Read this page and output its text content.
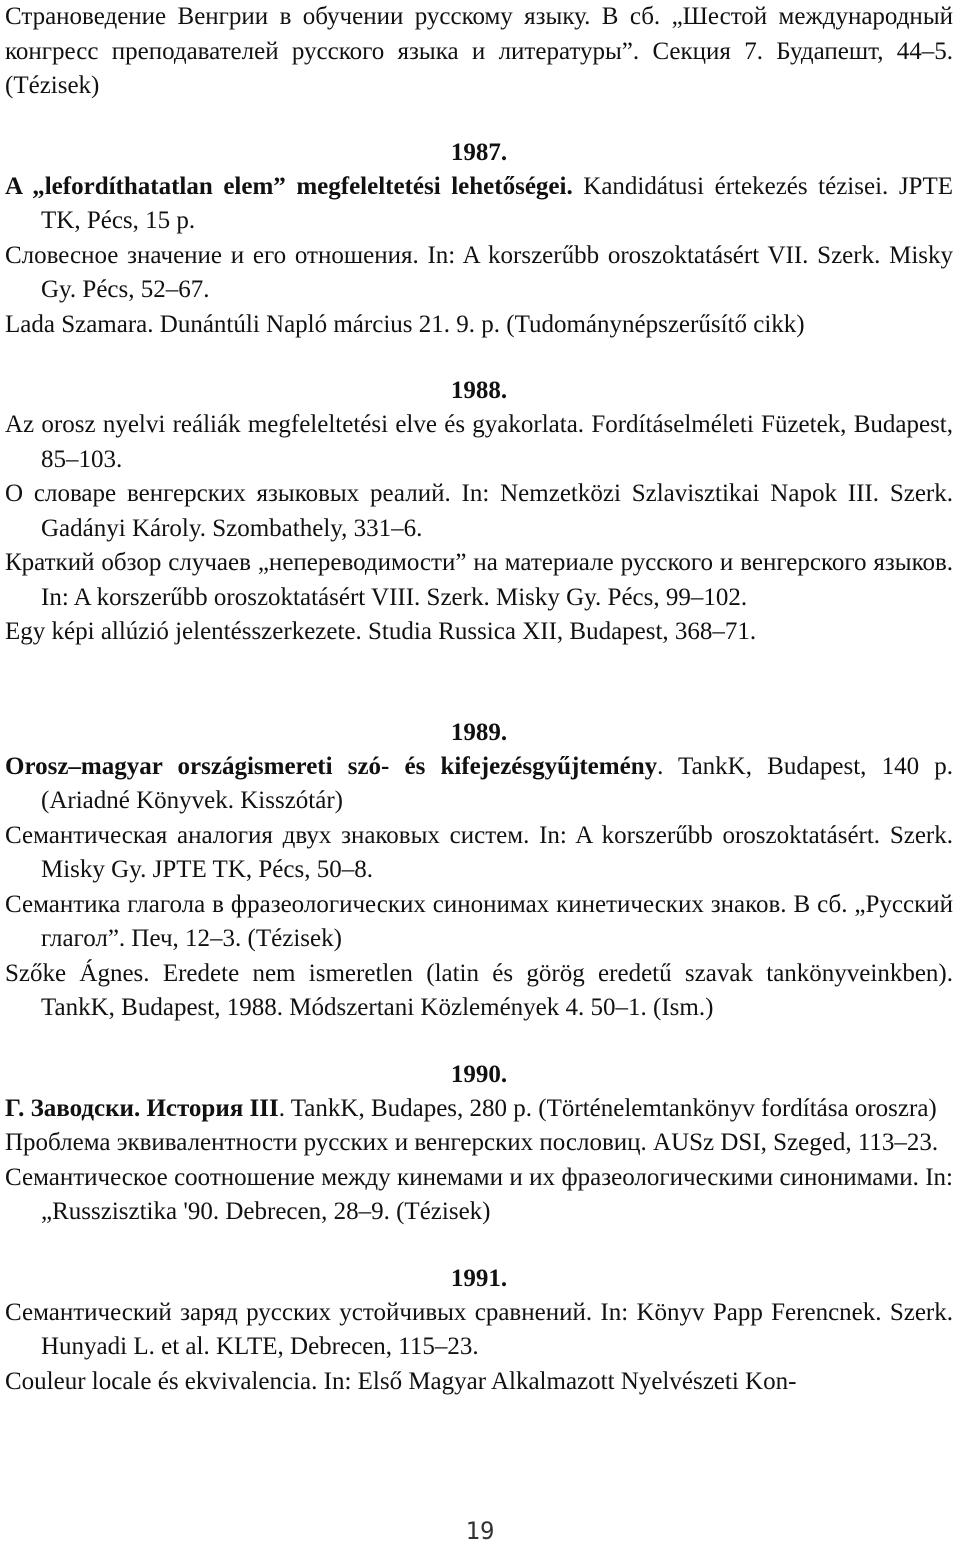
Страноведение Венгрии в обучении русскому языку. В сб. „Шестой международный конгресс преподавателей русского языка и литературы”. Секция 7. Будапешт, 44–5. (Tézisek)

1987.

A „lefordíthatatlan elem” megfeleltetési lehetőségei. Kandidátusi értekezés tézisei. JPTE TK, Pécs, 15 p.

Словесное значение и его отношения. In: A korszerűbb oroszoktatásért VII. Szerk. Misky Gy. Pécs, 52–67.

Lada Szamara. Dunántúli Napló március 21. 9. p. (Tudománynépszerűsítő cikk)

1988.

Az orosz nyelvi reáliák megfeleltetési elve és gyakorlata. Fordításelméleti Füzetek, Budapest, 85–103.

О словаре венгерских языковых реалий. In: Nemzetközi Szlavisztikai Napok III. Szerk. Gadányi Károly. Szombathely, 331–6.

Краткий обзор случаев „непереводимости” на материале русского и венгерского языков. In: A korszerűbb oroszoktatásért VIII. Szerk. Misky Gy. Pécs, 99–102.

Egy képi allúzió jelentésszerkezete. Studia Russica XII, Budapest, 368–71.

1989.

Orosz–magyar országismereti szó- és kifejezésgyűjtemény. TankK, Budapest, 140 p. (Ariadné Könyvek. Kisszótár)

Семантическая аналогия двух знаковых систем. In: A korszerűbb oroszoktatásért. Szerk. Misky Gy. JPTE TK, Pécs, 50–8.

Семантика глагола в фразеологических синонимах кинетических знаков. В сб. „Русский глагол”. Печ, 12–3. (Tézisek)

Szőke Ágnes. Eredete nem ismeretlen (latin és görög eredetű szavak tankönyveinkben). TankK, Budapest, 1988. Módszertani Közlemények 4. 50–1. (Ism.)

1990.

Г. Заводски. История III. TankK, Budapes, 280 p. (Történelemtankönyv fordítása oroszra)

Проблема эквивалентности русских и венгерских пословиц. AUSz DSI, Szeged, 113–23.

Семантическое соотношение между кинемами и их фразеологическими синонимами. In: „Russzisztika '90. Debrecen, 28–9. (Tézisek)

1991.

Семантический заряд русских устойчивых сравнений. In: Könyv Papp Ferencnek. Szerk. Hunyadi L. et al. KLTE, Debrecen, 115–23.

Couleur locale és ekvivalencia. In: Első Magyar Alkalmazott Nyelvészeti Kon-

19
